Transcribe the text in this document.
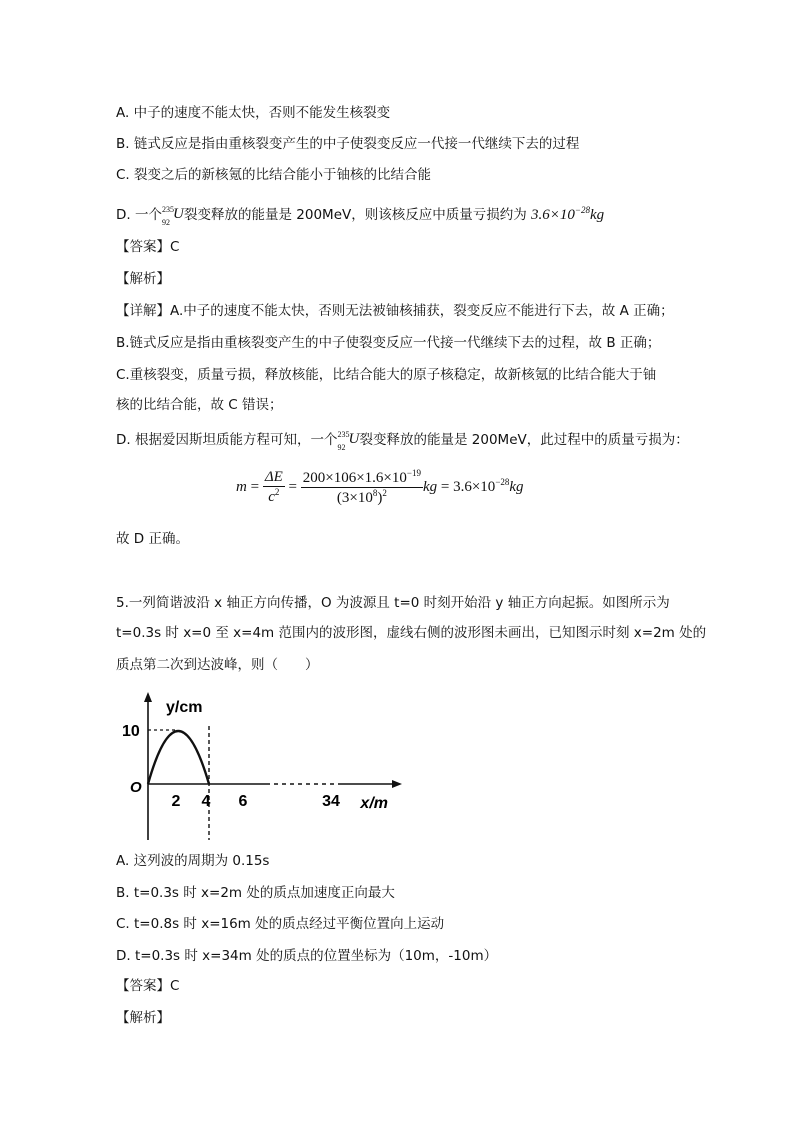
A. 中子的速度不能太快，否则不能发生核裂变
B. 链式反应是指由重核裂变产生的中子使裂变反应一代接一代继续下去的过程
C. 裂变之后的新核氪的比结合能小于铀核的比结合能
D. 一个 235
92
U 裂变释放的能量是 200MeV，则该核反应中质量亏损约为 $3.6\times 10^{-28}kg$
【答案】C
【解析】
【详解】A.中子的速度不能太快，否则无法被铀核捕获，裂变反应不能进行下去，故 A 正确；
B.链式反应是指由重核裂变产生的中子使裂变反应一代接一代继续下去的过程，故 B 正确；
C.重核裂变，质量亏损，释放核能，比结合能大的原子核稳定，故新核氪的比结合能大于铀
核的比结合能，故 C 错误；
D. 根据爱因斯坦质能方程可知，一个 235
92
U 裂变释放的能量是 200MeV，此过程中的质量亏损为：
$m = \frac{\Delta E}{c^2} = \frac{200\times 106\times 1.6\times 10^{-19}}{(3\times 10^8)^2}$ kg = $3.6\times 10^{-28}kg$
故 D 正确。
5.一列简谐波沿 x 轴正方向传播，O 为波源且 t=0 时刻开始沿 y 轴正方向起振。如图所示为
t=0.3s 时 x=0 至 x=4m 范围内的波形图，虚线右侧的波形图未画出，已知图示时刻 x=2m 处的
质点第二次到达波峰，则（　　）
y/cm
x/m
O
10
2 4 6	34
A. 这列波的周期为 0.15s
B. t=0.3s 时 x=2m 处的质点加速度正向最大
C. t=0.8s 时 x=16m 处的质点经过平衡位置向上运动
D. t=0.3s 时 x=34m 处的质点的位置坐标为（10m，-10m）
【答案】C
【解析】
